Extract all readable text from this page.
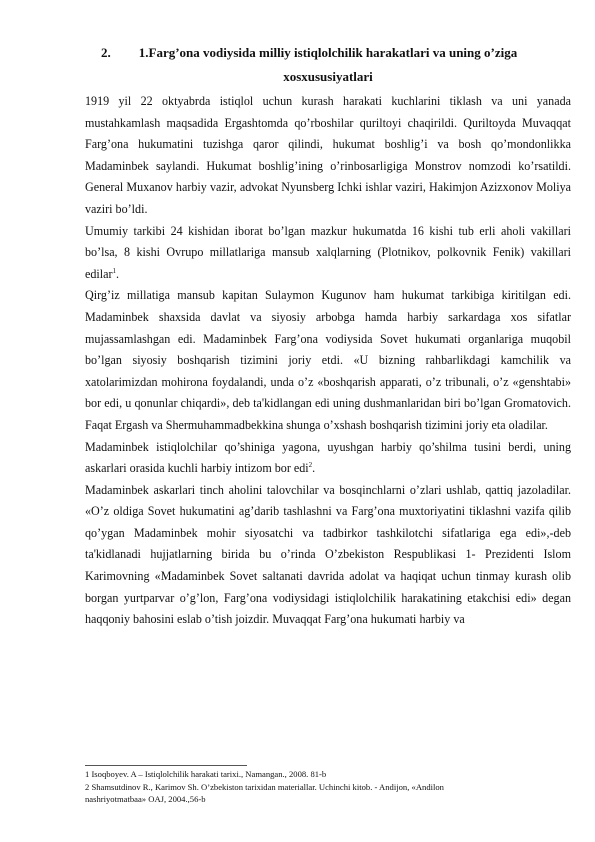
2.	1.Farg’ona vodiysida milliy istiqlolchilik harakatlari va uning o’ziga
xosxususiyatlari

1919 yil 22 oktyabrda istiqlol uchun kurash harakati kuchlarini tiklash va uni yanada mustahkamlash maqsadida Ergashtomda qo’rboshilar quriltoyi chaqirildi. Quriltoyda Muvaqqat Farg’ona hukumatini tuzishga qaror qilindi, hukumat boshlig’i va bosh qo’mondonlikka Madaminbek saylandi. Hukumat boshlig’ining o’rinbosarligiga Monstrov nomzodi ko’rsatildi. General Muxanov harbiy vazir, advokat Nyunsberg Ichki ishlar vaziri, Hakimjon Azizxonov Moliya vaziri bo’ldi.

Umumiy tarkibi 24 kishidan iborat bo’lgan mazkur hukumatda 16 kishi tub erli aholi vakillari bo’lsa, 8 kishi Ovrupo millatlariga mansub xalqlarning (Plotnikov, polkovnik Fenik) vakillari edilar$^1$.

Qirg’iz millatiga mansub kapitan Sulaymon Kugunov ham hukumat tarkibiga kiritilgan edi. Madaminbek shaxsida davlat va siyosiy arbobga hamda harbiy sarkardaga xos sifatlar mujassamlashgan edi. Madaminbek Farg’ona vodiysida Sovet hukumati organlariga muqobil bo’lgan siyosiy boshqarish tizimini joriy etdi. «U bizning rahbarlikdagi kamchilik va xatolarimizdan mohirona foydalandi, unda o’z «boshqarish apparati, o’z tribunali, o’z «genshtabi» bor edi, u qonunlar chiqardi», deb ta'kidlangan edi uning dushmanlaridan biri bo’lgan Gromatovich. Faqat Ergash va Shermuhammadbekkina shunga o’xshash boshqarish tizimini joriy eta oladilar.

Madaminbek istiqlolchilar qo’shiniga yagona, uyushgan harbiy qo’shilma tusini berdi, uning askarlari orasida kuchli harbiy intizom bor edi$^2$.

Madaminbek askarlari tinch aholini talovchilar va bosqinchlarni o’zlari ushlab, qattiq jazoladilar. «O’z oldiga Sovet hukumatini ag’darib tashlashni va Farg’ona muxtoriyatini tiklashni vazifa qilib qo’ygan Madaminbek mohir siyosatchi va tadbirkor tashkilotchi sifatlariga ega edi»,-deb ta'kidlanadi hujjatlarning birida bu o’rinda O’zbekiston Respublikasi 1- Prezidenti Islom Karimovning «Madaminbek Sovet saltanati davrida adolat va haqiqat uchun tinmay kurash olib borgan yurtparvar o’g’lon, Farg’ona vodiysidagi istiqlolchilik harakatining etakchisi edi» degan haqqoniy bahosini eslab o’tish joizdir. Muvaqqat Farg’ona hukumati harbiy va

1 Isoqboyev. A – Istiqlolchilik harakati tarixi., Namangan., 2008. 81-b

2 Shamsutdinov R., Karimov Sh. O’zbekiston tarixidan materiallar. Uchinchi kitob. - Andijon, «Andilon

nashriyotmatbaa» OAJ, 2004.,56-b
